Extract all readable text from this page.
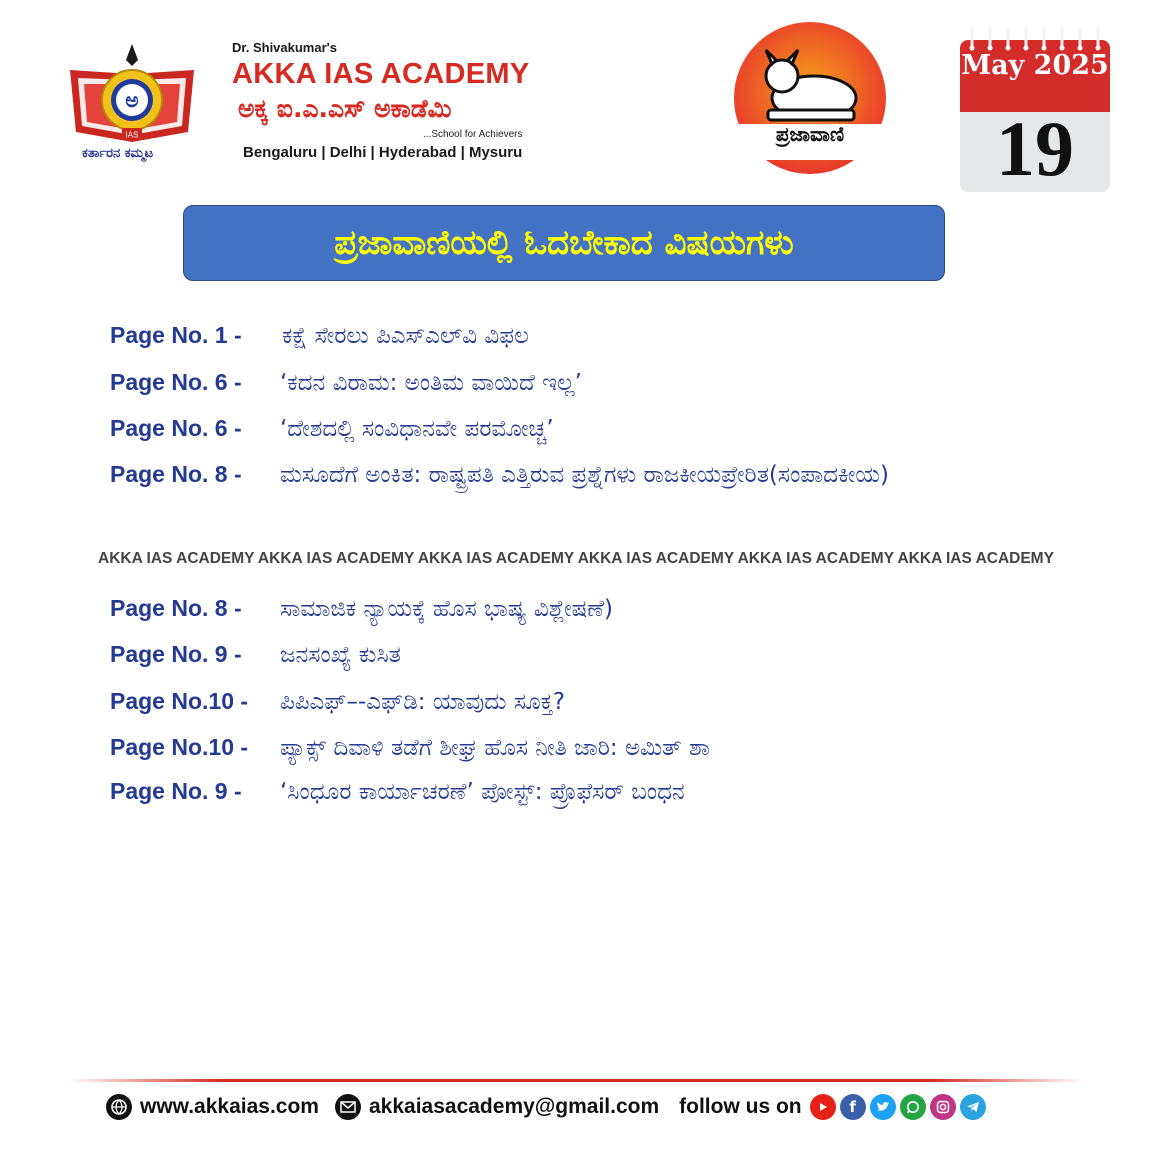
ಅ
IAS
ಕರ್ತಾರನ ಕಮ್ಮಟ
Dr. Shivakumar's
AKKA IAS ACADEMY
ಅಕ್ಕ ಐ.ಎ.ಎಸ್ ಅಕಾಡೆಮಿ
...School for Achievers
Bengaluru | Delhi | Hyderabad | Mysuru
ಪ್ರಜಾವಾಣಿ
May 2025
19
ಪ್ರಜಾವಾಣಿಯಲ್ಲಿ ಓದಬೇಕಾದ ವಿಷಯಗಳು
Page No. 1 - ಕಕ್ಷೆ ಸೇರಲು ಪಿಎಸ್‌ಎಲ್‌ವಿ ವಿಫಲ
Page No. 6 - ‘ಕದನ ವಿರಾಮ: ಅಂತಿಮ ವಾಯಿದೆ ಇಲ್ಲ’
Page No. 6 - ‘ದೇಶದಲ್ಲಿ ಸಂವಿಧಾನವೇ ಪರಮೋಚ್ಚ’
Page No. 8 - ಮಸೂದೆಗೆ ಅಂಕಿತ: ರಾಷ್ಟ್ರಪತಿ ಎತ್ತಿರುವ ಪ್ರಶ್ನೆಗಳು ರಾಜಕೀಯಪ್ರೇರಿತ(ಸಂಪಾದಕೀಯ)
AKKA IAS ACADEMY AKKA IAS ACADEMY AKKA IAS ACADEMY AKKA IAS ACADEMY AKKA IAS ACADEMY AKKA IAS ACADEMY
Page No. 8 - ಸಾಮಾಜಿಕ ನ್ಯಾಯಕ್ಕೆ ಹೊಸ ಭಾಷ್ಯ ವಿಶ್ಲೇಷಣೆ)
Page No. 9 - ಜನಸಂಖ್ಯೆ ಕುಸಿತ
Page No.10 - ಪಿಪಿಎಫ್‌–-ಎಫ್‌ಡಿ: ಯಾವುದು ಸೂಕ್ತ?
Page No.10 - ಪ್ಯಾಕ್ಸ್‌ ದಿವಾಳಿ ತಡೆಗೆ ಶೀಘ್ರ ಹೊಸ ನೀತಿ ಜಾರಿ: ಅಮಿತ್ ಶಾ
Page No. 9 - ‘ಸಿಂಧೂರ ಕಾರ್ಯಾಚರಣೆ’ ಪೋಸ್ಟ್‌: ಪ್ರೊಫೆಸರ್ ಬಂಧನ
www.akkaias.com akkaiasacademy@gmail.com follow us on	f
